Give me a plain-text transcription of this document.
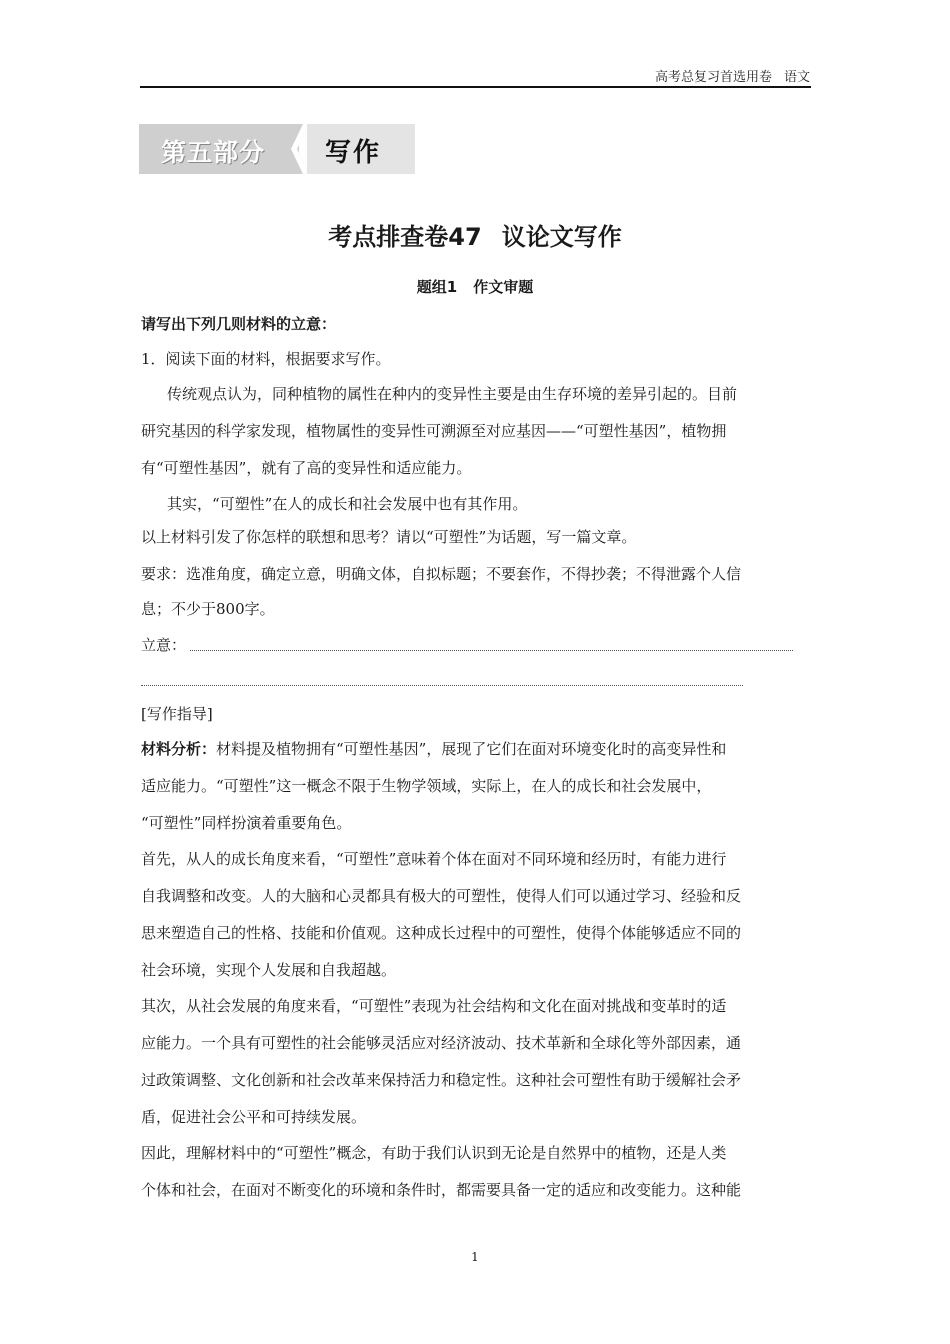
高考总复习首选用卷 语文
第五部分 写作
考点排查卷47 议论文写作
题组1 作文审题
请写出下列几则材料的立意：
1．阅读下面的材料，根据要求写作。
传统观点认为，同种植物的属性在种内的变异性主要是由生存环境的差异引起的。目前
研究基因的科学家发现，植物属性的变异性可溯源至对应基因——“可塑性基因”，植物拥
有“可塑性基因”，就有了高的变异性和适应能力。
其实，“可塑性”在人的成长和社会发展中也有其作用。
以上材料引发了你怎样的联想和思考？请以“可塑性”为话题，写一篇文章。
要求：选准角度，确定立意，明确文体，自拟标题；不要套作，不得抄袭；不得泄露个人信
息；不少于800字。
立意：
[写作指导]
材料分析：材料提及植物拥有“可塑性基因”，展现了它们在面对环境变化时的高变异性和
适应能力。“可塑性”这一概念不限于生物学领域，实际上，在人的成长和社会发展中，
“可塑性”同样扮演着重要角色。
首先，从人的成长角度来看，“可塑性”意味着个体在面对不同环境和经历时，有能力进行
自我调整和改变。人的大脑和心灵都具有极大的可塑性，使得人们可以通过学习、经验和反
思来塑造自己的性格、技能和价值观。这种成长过程中的可塑性，使得个体能够适应不同的
社会环境，实现个人发展和自我超越。
其次，从社会发展的角度来看，“可塑性”表现为社会结构和文化在面对挑战和变革时的适
应能力。一个具有可塑性的社会能够灵活应对经济波动、技术革新和全球化等外部因素，通
过政策调整、文化创新和社会改革来保持活力和稳定性。这种社会可塑性有助于缓解社会矛
盾，促进社会公平和可持续发展。
因此，理解材料中的“可塑性”概念，有助于我们认识到无论是自然界中的植物，还是人类
个体和社会，在面对不断变化的环境和条件时，都需要具备一定的适应和改变能力。这种能
1
